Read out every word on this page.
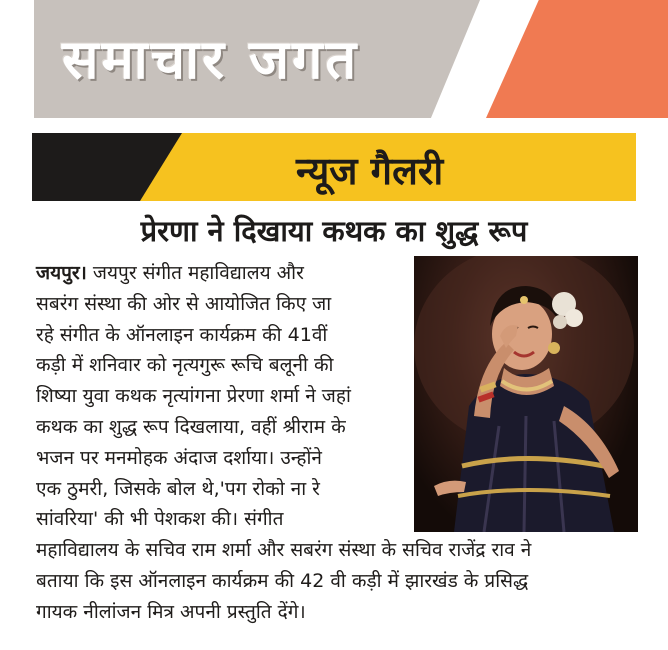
समाचार जगत
न्यूज गैलरी
प्रेरणा ने दिखाया कथक का शुद्ध रूप
जयपुर। जयपुर संगीत महाविद्यालय और
सबरंग संस्था की ओर से आयोजित किए जा
रहे संगीत के ऑनलाइन कार्यक्रम की 41वीं
कड़ी में शनिवार को नृत्यगुरू रूचि बलूनी की
शिष्या युवा कथक नृत्यांगना प्रेरणा शर्मा ने जहां
कथक का शुद्ध रूप दिखलाया, वहीं श्रीराम के
भजन पर मनमोहक अंदाज दर्शाया। उन्होंने
एक ठुमरी, जिसके बोल थे,'पग रोको ना रे
सांवरिया' की भी पेशकश की। संगीत
महाविद्यालय के सचिव राम शर्मा और सबरंग संस्था के सचिव राजेंद्र राव ने
बताया कि इस ऑनलाइन कार्यक्रम की 42 वी कड़ी में झारखंड के प्रसिद्ध
गायक नीलांजन मित्र अपनी प्रस्तुति देंगे।
